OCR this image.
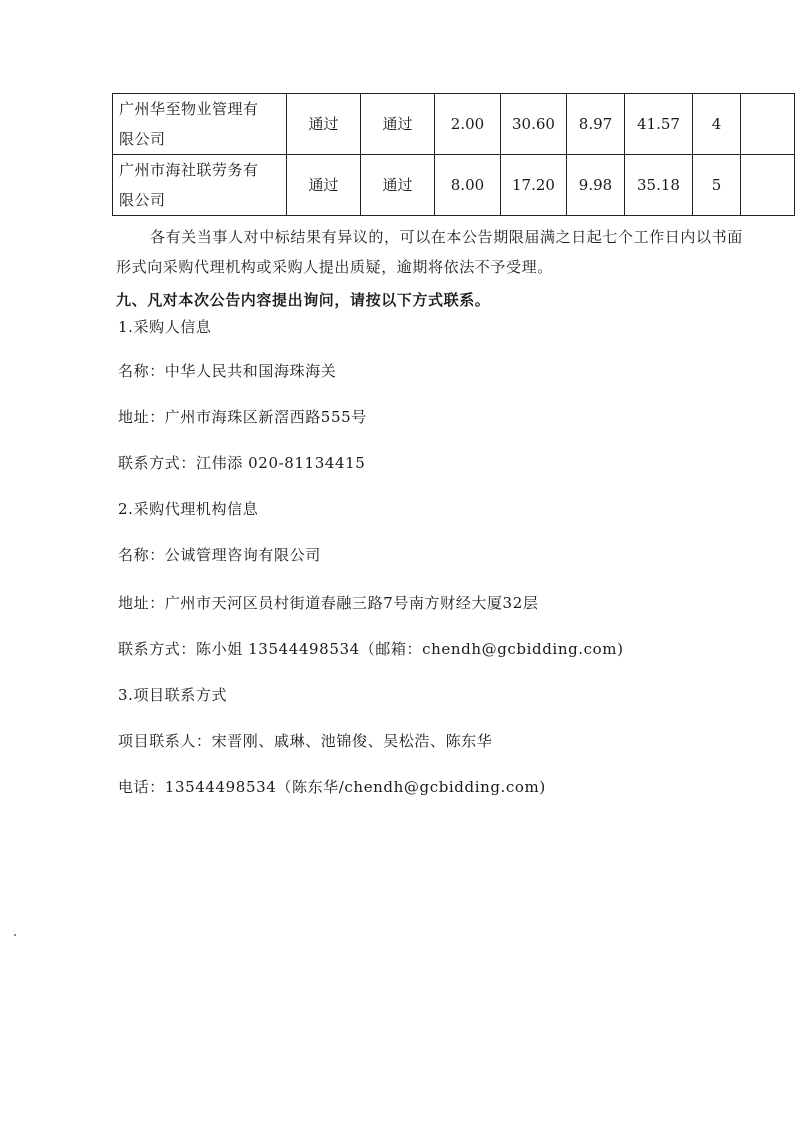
广州华至物业管理有
限公司	通过	通过	2.00	30.60	8.97	41.57	4	

广州市海社联劳务有
限公司	通过	通过	8.00	17.20	9.98	35.18	5	

各有关当事人对中标结果有异议的，可以在本公告期限届满之日起七个工作日内以书面形式向采购代理机构或采购人提出质疑，逾期将依法不予受理。

九、凡对本次公告内容提出询问，请按以下方式联系。

1.采购人信息

名称：中华人民共和国海珠海关

地址：广州市海珠区新滘西路555号

联系方式：江伟添 020-81134415

2.采购代理机构信息

名称：公诚管理咨询有限公司

地址：广州市天河区员村街道春融三路7号南方财经大厦32层

联系方式：陈小姐 13544498534（邮箱：chendh@gcbidding.com)

3.项目联系方式

项目联系人：宋晋刚、戚琳、池锦俊、吴松浩、陈东华

电话：13544498534（陈东华/chendh@gcbidding.com)
